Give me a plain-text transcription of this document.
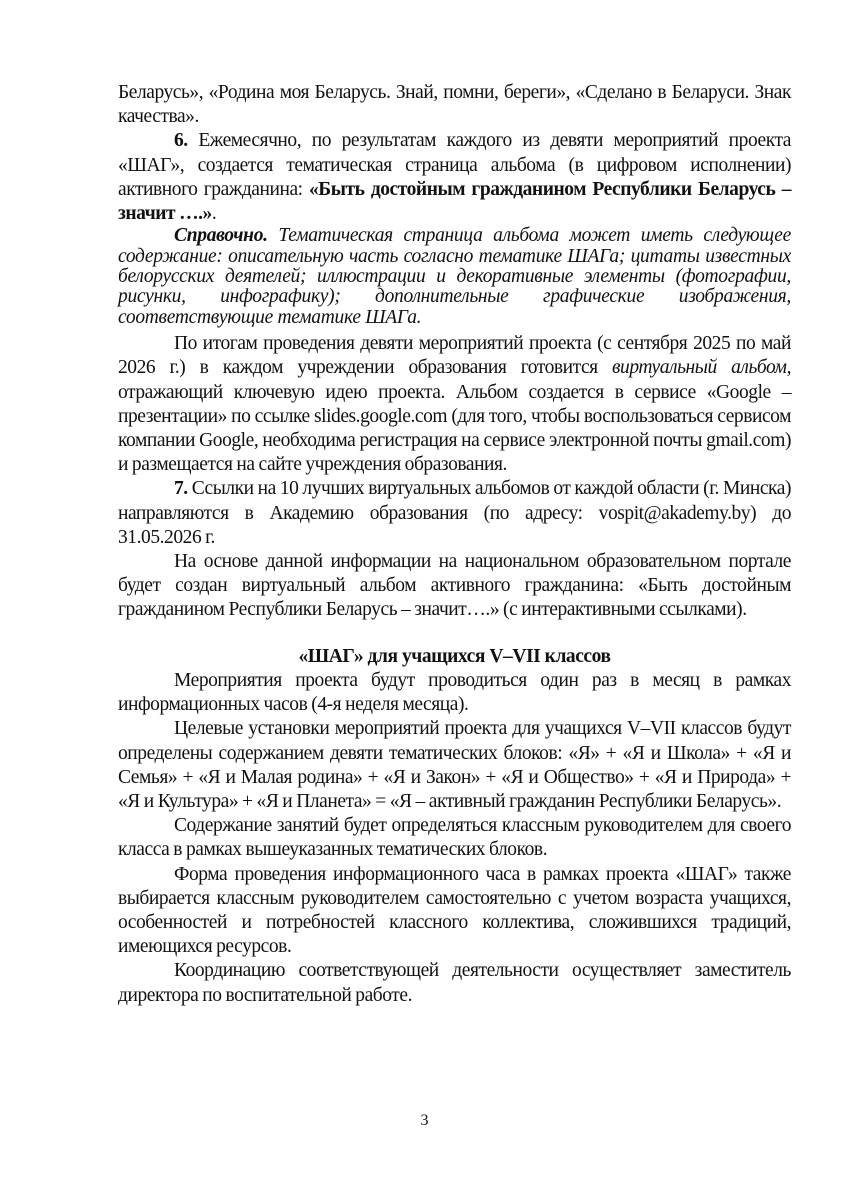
Беларусь», «Родина моя Беларусь. Знай, помни, береги», «Сделано в Беларуси. Знак качества».

6. Ежемесячно, по результатам каждого из девяти мероприятий проекта «ШАГ», создается тематическая страница альбома (в цифровом исполнении) активного гражданина: «Быть достойным гражданином Республики Беларусь – значит ….».

Справочно. Тематическая страница альбома может иметь следующее содержание: описательную часть согласно тематике ШАГа; цитаты известных белорусских деятелей; иллюстрации и декоративные элементы (фотографии, рисунки, инфографику); дополнительные графические изображения, соответствующие тематике ШАГа.

По итогам проведения девяти мероприятий проекта (с сентября 2025 по май 2026 г.) в каждом учреждении образования готовится виртуальный альбом, отражающий ключевую идею проекта. Альбом создается в сервисе «Google – презентации» по ссылке slides.google.com (для того, чтобы воспользоваться сервисом компании Google, необходима регистрация на сервисе электронной почты gmail.com) и размещается на сайте учреждения образования.

7. Ссылки на 10 лучших виртуальных альбомов от каждой области (г. Минска) направляются в Академию образования (по адресу: vospit@akademy.by) до 31.05.2026 г.

На основе данной информации на национальном образовательном портале будет создан виртуальный альбом активного гражданина: «Быть достойным гражданином Республики Беларусь – значит….» (с интерактивными ссылками).

«ШАГ» для учащихся V–VII классов

Мероприятия проекта будут проводиться один раз в месяц в рамках информационных часов (4-я неделя месяца).

Целевые установки мероприятий проекта для учащихся V–VII классов будут определены содержанием девяти тематических блоков: «Я» + «Я и Школа» + «Я и Семья» + «Я и Малая родина» + «Я и Закон» + «Я и Общество» + «Я и Природа» + «Я и Культура» + «Я и Планета» = «Я – активный гражданин Республики Беларусь».

Содержание занятий будет определяться классным руководителем для своего класса в рамках вышеуказанных тематических блоков.

Форма проведения информационного часа в рамках проекта «ШАГ» также выбирается классным руководителем самостоятельно с учетом возраста учащихся, особенностей и потребностей классного коллектива, сложившихся традиций, имеющихся ресурсов.

Координацию соответствующей деятельности осуществляет заместитель директора по воспитательной работе.

3
